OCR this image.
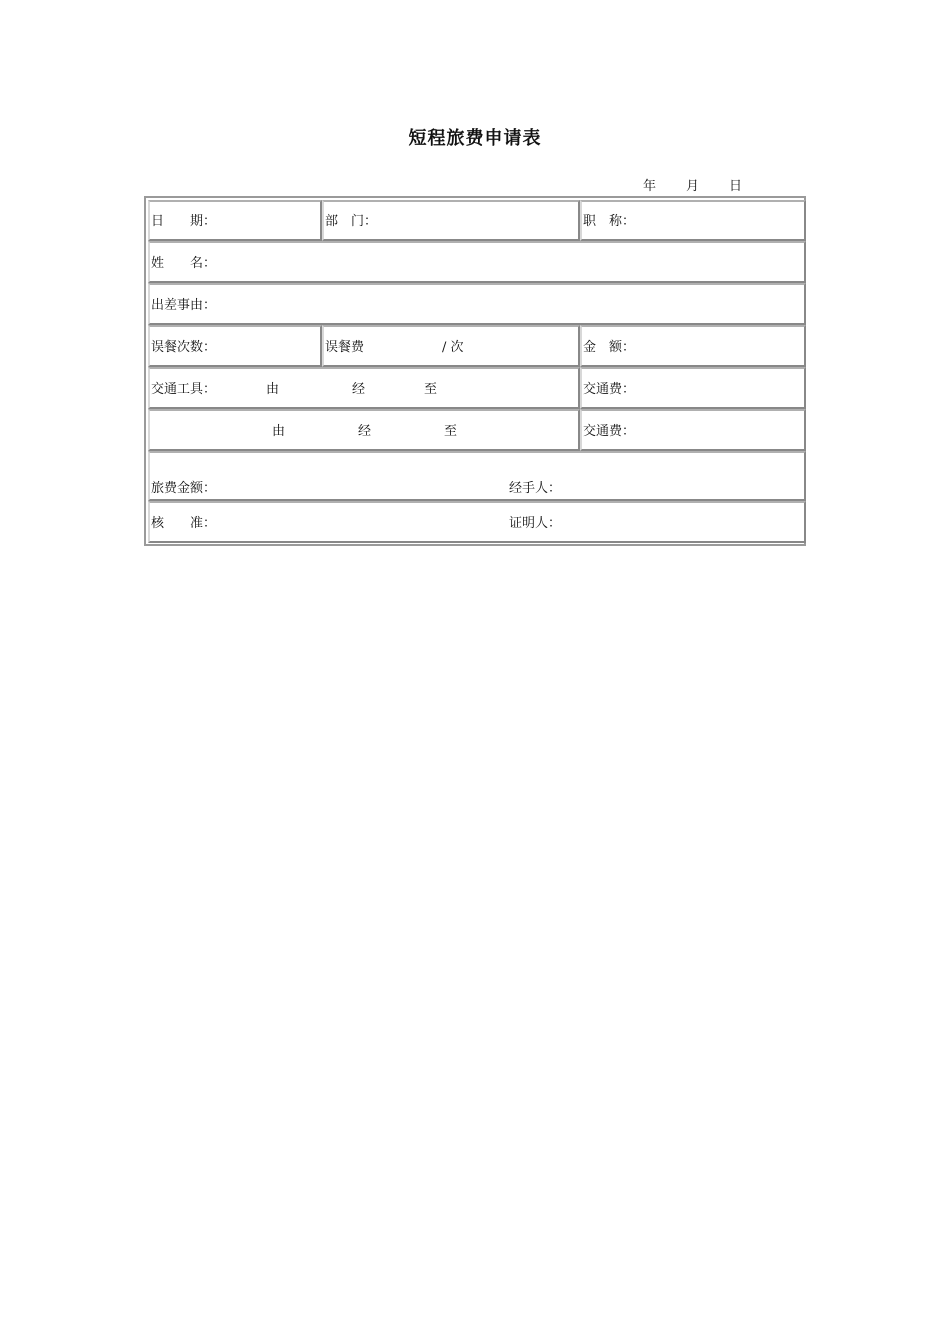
短程旅费申请表
年 月 日
日　　期：	部　门：	职　称：
姓　　名：
出差事由：
误餐次数：	误餐费	/ 次	金　额：
交通工具：	由	经	至	交通费：
由	经	至	交通费：
旅费金额：	经手人：
核　　准：	证明人：
